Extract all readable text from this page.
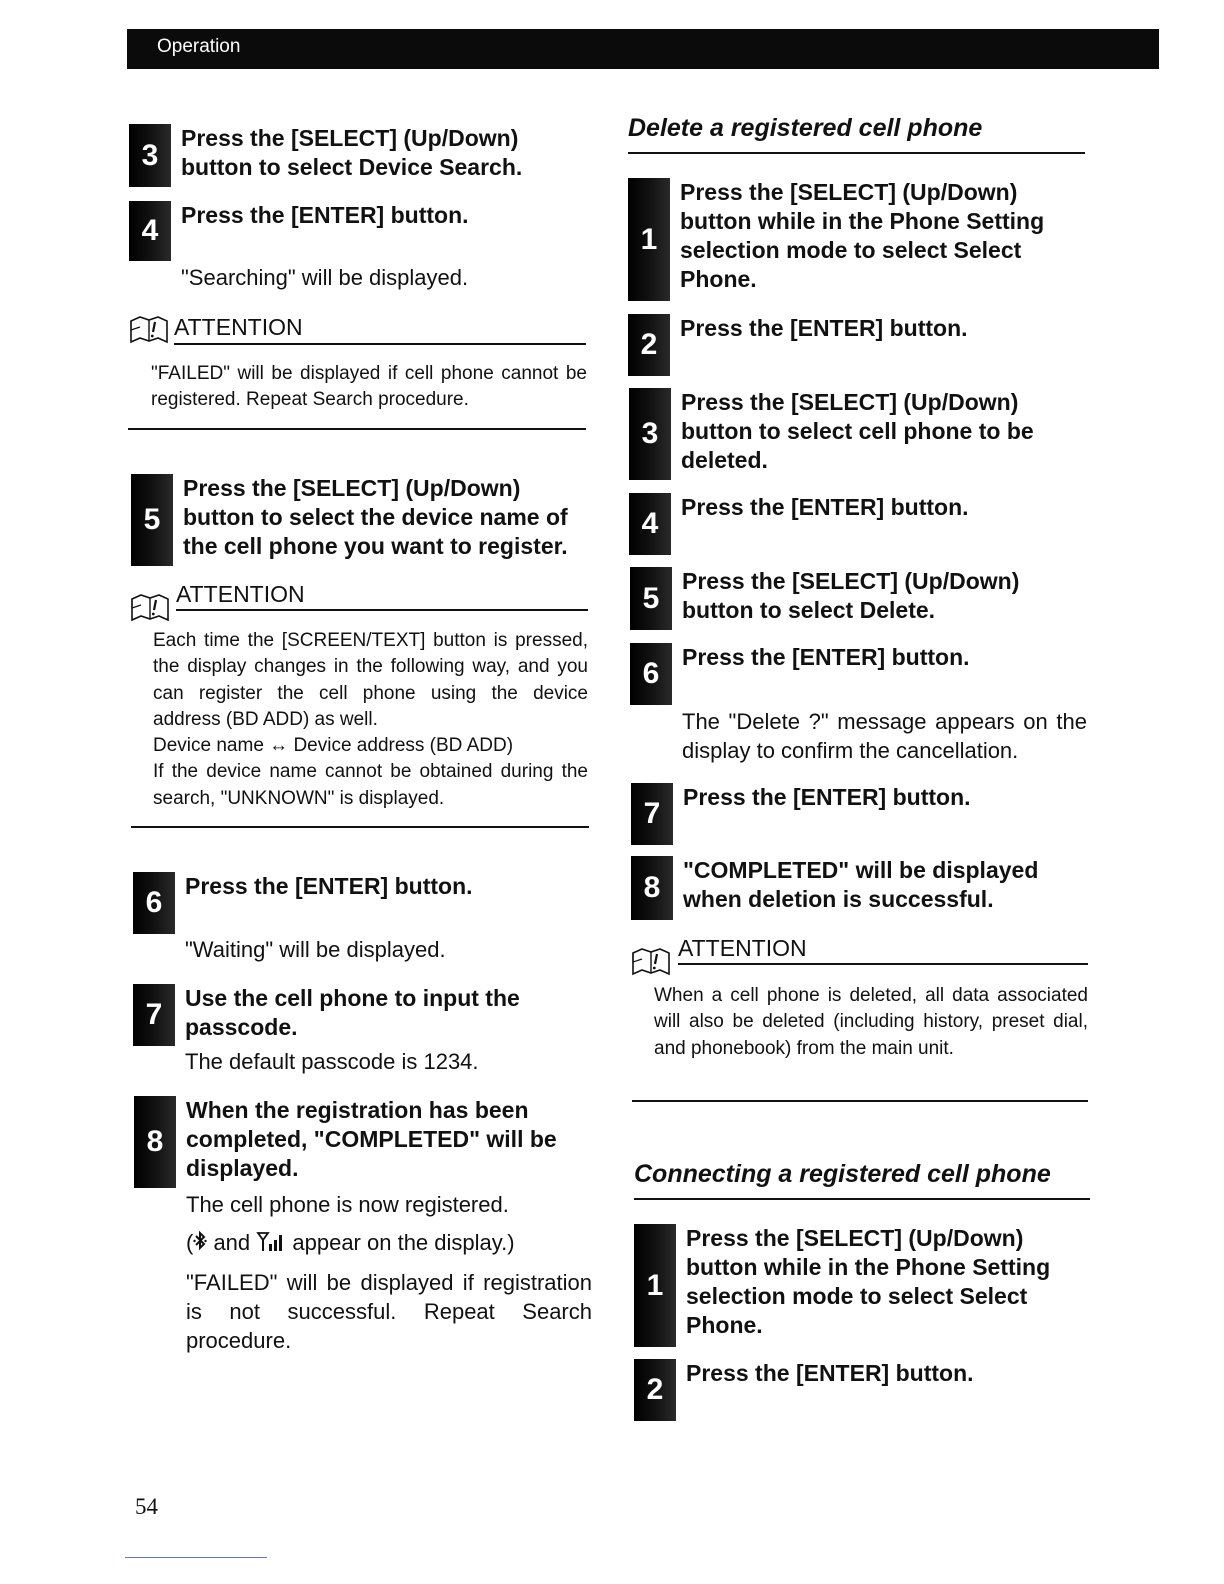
Operation
3
Press the [SELECT] (Up/Down) button to select Device Search.
4 Press the [ENTER] button.
"Searching" will be displayed.
ATTENTION
"FAILED" will be displayed if cell phone cannot be registered. Repeat Search procedure.
5
Press the [SELECT] (Up/Down) button to select the device name of the cell phone you want to register.
ATTENTION
Each time the [SCREEN/TEXT] button is pressed, the display changes in the following way, and you can register the cell phone using the device address (BD ADD) as well.
Device name ↔ Device address (BD ADD)
If the device name cannot be obtained during the search, "UNKNOWN" is displayed.
6 Press the [ENTER] button.
"Waiting" will be displayed.
7 Use the cell phone to input the passcode.
The default passcode is 1234.
8
When the registration has been completed, "COMPLETED" will be displayed.
The cell phone is now registered.
( and  appear on the display.)
"FAILED" will be displayed if registration is not successful. Repeat Search procedure.
Delete a registered cell phone
1
Press the [SELECT] (Up/Down) button while in the Phone Setting selection mode to select Select Phone.
2 Press the [ENTER] button.
3
Press the [SELECT] (Up/Down) button to select cell phone to be deleted.
4 Press the [ENTER] button.
5
Press the [SELECT] (Up/Down) button to select Delete.
6 Press the [ENTER] button.
The "Delete ?" message appears on the display to confirm the cancellation.
7 Press the [ENTER] button.
8
"COMPLETED" will be displayed when deletion is successful.
ATTENTION
When a cell phone is deleted, all data associated will also be deleted (including history, preset dial, and phonebook) from the main unit.
Connecting a registered cell phone
1
Press the [SELECT] (Up/Down) button while in the Phone Setting selection mode to select Select Phone.
2 Press the [ENTER] button.
54
